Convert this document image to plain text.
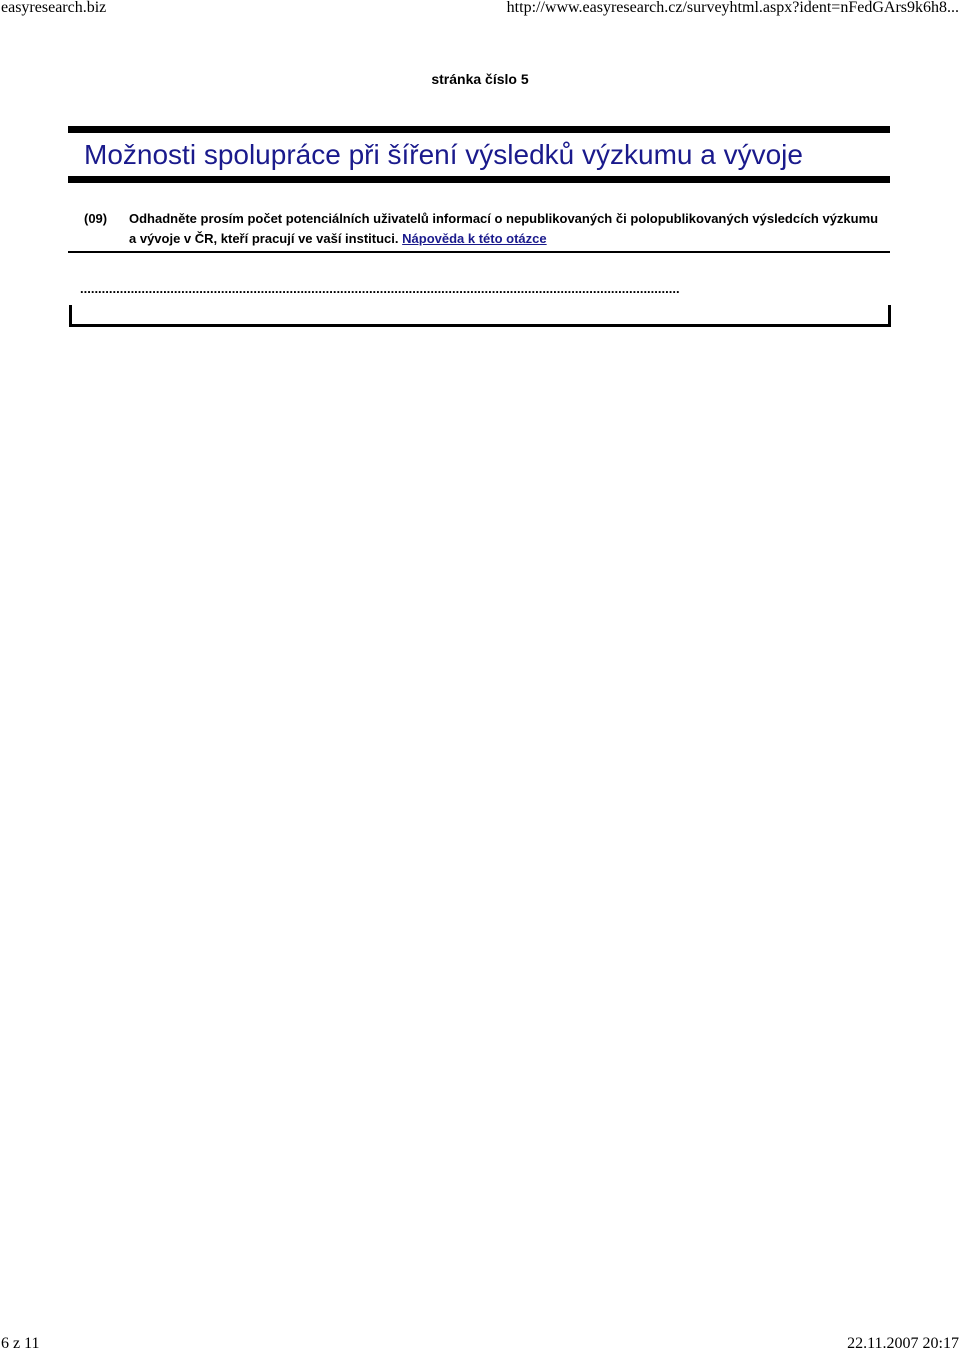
easyresearch.biz	http://www.easyresearch.cz/surveyhtml.aspx?ident=nFedGArs9k6h8...
stránka číslo 5
Možnosti spolupráce při šíření výsledků výzkumu a vývoje
(09) Odhadněte prosím počet potenciálních uživatelů informací o nepublikovaných či polopublikovaných výsledcích výzkumu a vývoje v ČR, kteří pracují ve vaší instituci. Nápověda k této otázce
......................................................................................................................................................................
6 z 11	22.11.2007 20:17
